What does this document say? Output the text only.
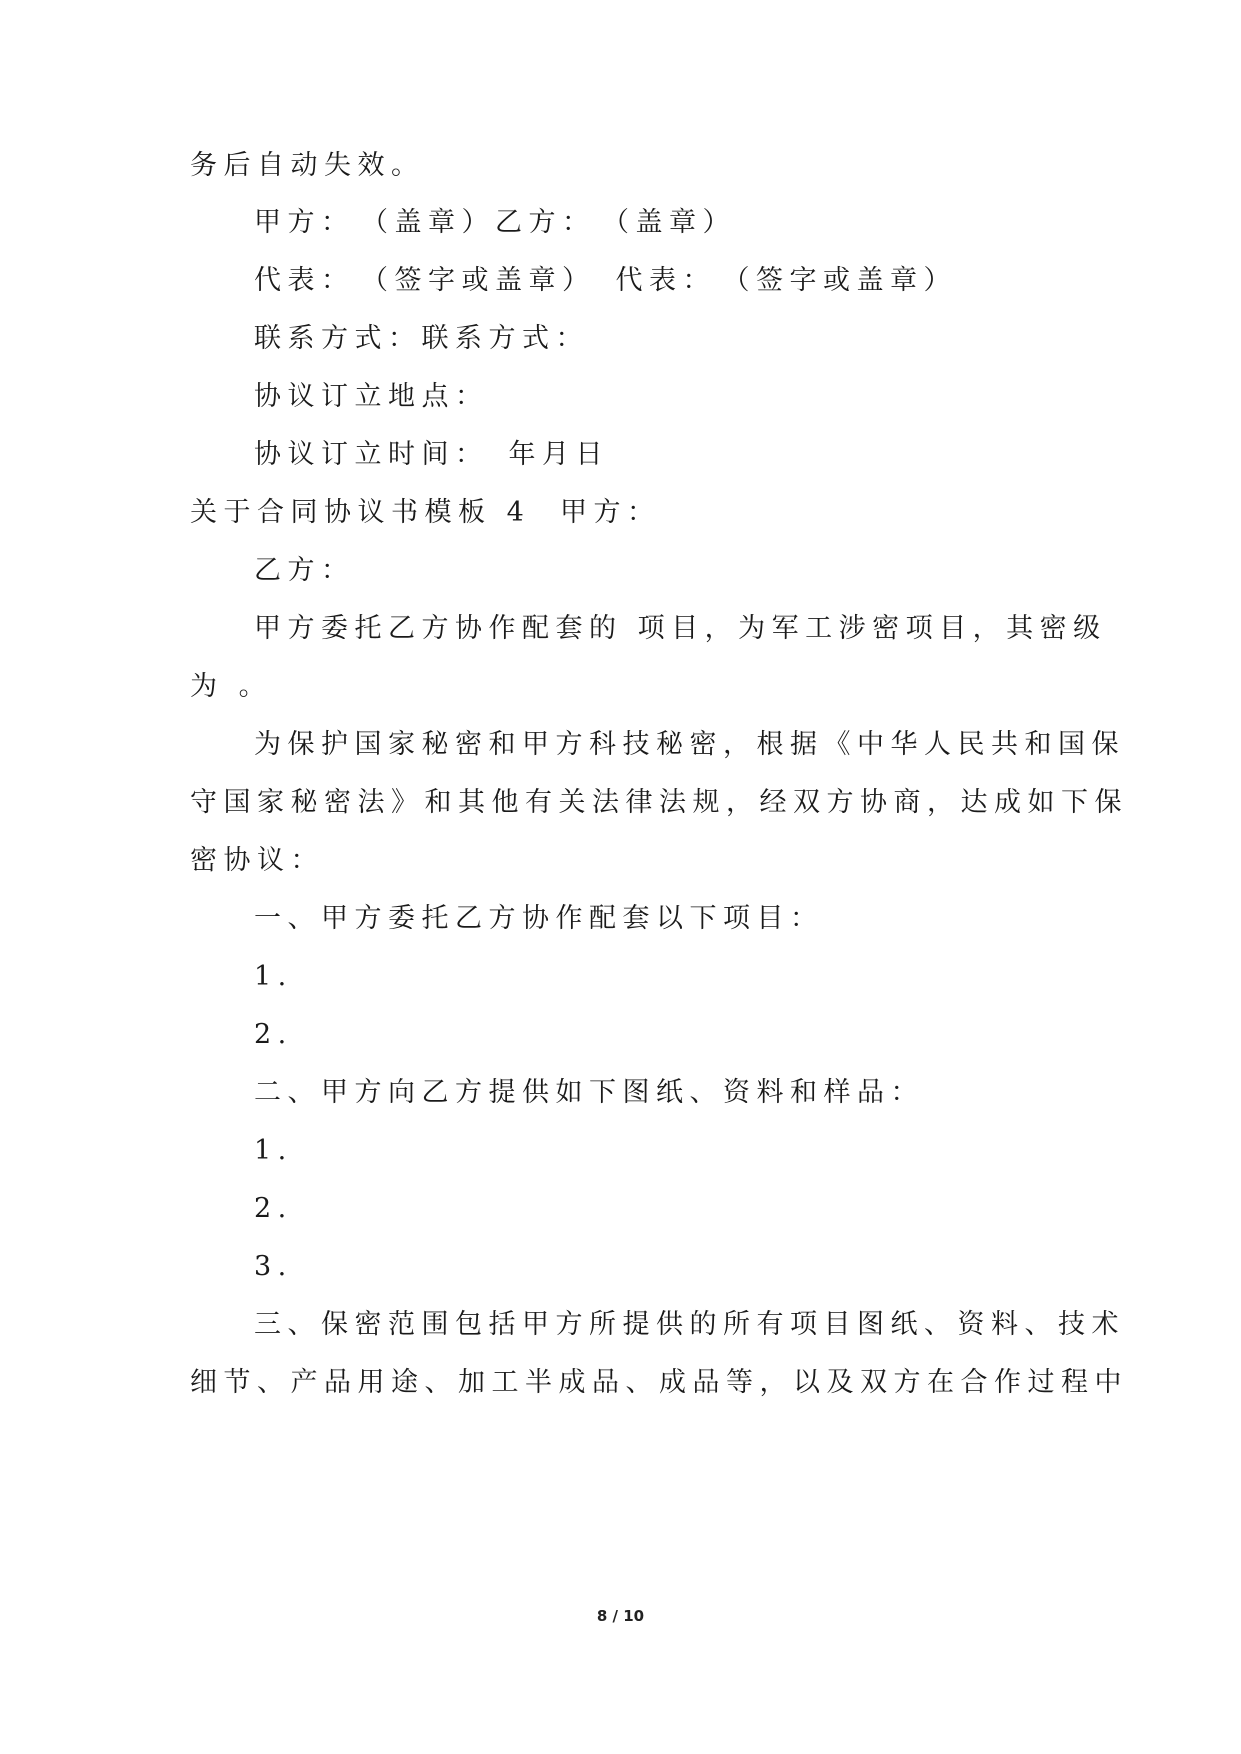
务后自动失效。
甲方：　（盖章）乙方：　（盖章）
代表：　（签字或盖章）　代表：　（签字或盖章）
联系方式：联系方式：
协议订立地点：
协议订立时间：　年月日
关于合同协议书模板 4 甲方：
乙方：
甲方委托乙方协作配套的 项目，为军工涉密项目，其密级
为 。
为保护国家秘密和甲方科技秘密，根据《中华人民共和国保
守国家秘密法》和其他有关法律法规，经双方协商，达成如下保
密协议：
一、甲方委托乙方协作配套以下项目：
1.
2.
二、甲方向乙方提供如下图纸、资料和样品：
1.
2.
3.
三、保密范围包括甲方所提供的所有项目图纸、资料、技术
细节、产品用途、加工半成品、成品等，以及双方在合作过程中
8 / 10
